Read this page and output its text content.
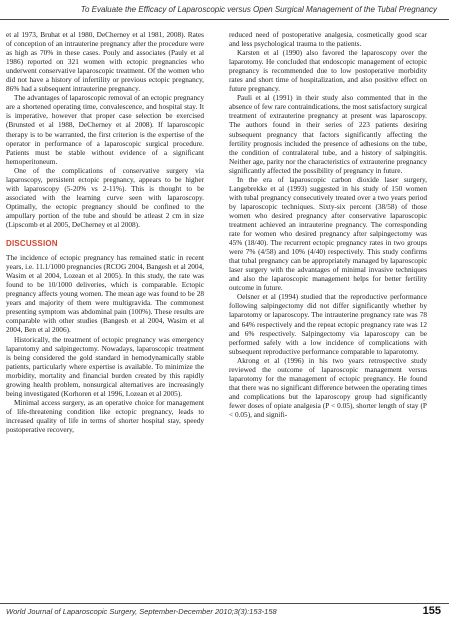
To Evaluate the Efficacy of Laparoscopic versus Open Surgical Management of the Tubal Pregnancy

et al 1973, Bruhat et al 1980, DeCherney et al 1981, 2008). Rates of conception of an intrauterine pregnancy after the procedure were as high as 70% in these cases. Pouly and associates (Pauly et al 1986) reported on 321 women with ectopic pregnancies who underwent conservative laparoscopic treatment. Of the women who did not have a history of infertility or previous ectopic pregnancy, 86% had a subsequent intrauterine pregnancy.

The advantages of laparoscopic removal of an ectopic pregnancy are a shortened operating time, convalescence, and hospital stay. It is imperative, however that proper case selection be exercised (Brunsted et al 1988, DeCherney et al 2008). If laparoscopic therapy is to be warranted, the first criterion is the expertise of the operator in performance of a laparoscopic surgical procedure. Patients must be stable without evidence of a significant hemoperitoneum.

One of the complications of conservative surgery via laparoscopy, persistent ectopic pregnancy, appears to be higher with laparoscopy (5-20% vs 2-11%). This is thought to be associated with the learning curve seen with laparoscopy. Optimally, the ectopic pregnancy should be confined to the ampullary portion of the tube and should be atleast 2 cm in size (Lipscomb et al 2005, DeCherney et al 2008).

DISCUSSION

The incidence of ectopic pregnancy has remained static in recent years, i.e. 11.1/1000 pregnancies (RCOG 2004, Bangesh et al 2004, Wasim et al 2004, Lozean et al 2005). In this study, the rate was found to be 10/1000 deliveries, which is comparable. Ectopic pregnancy affects young women. The mean age was found to be 28 years and majority of them were multigravida. The commonest presenting symptom was abdominal pain (100%). These results are comparable with other studies (Bangesh et al 2004, Wasim et al 2004, Ben et al 2006).

Historically, the treatment of ectopic pregnancy was emergency laparotomy and salpingectomy. Nowadays, laparoscopic treatment is being considered the gold standard in hemodynamically stable patients, particularly where expertise is available. To minimize the morbidity, mortality and financial burden created by this rapidly growing health problem, nonsurgical alternatives are increasingly being investigated (Korhoren et al 1996, Lozean et al 2005).

Minimal access surgery, as an operative choice for management of life-threatening condition like ectopic pregnancy, leads to increased quality of life in terms of shorter hospital stay, speedy postoperative recovery,

reduced need of postoperative analgesia, cosmetically good scar and less psychological trauma to the patients.

Karsten et al (1990) also favored the laparoscopy over the laparotomy. He concluded that endoscopic management of ectopic pregnancy is recommended due to low postoperative morbidity rates and short time of hospitalization, and also positive effect on future pregnancy.

Pauli et al (1991) in their study also commented that in the absence of few rare contraindications, the most satisfactory surgical treatment of extrauterine pregnancy at present was laparoscopy. The authors found in their series of 223 patients desiring subsequent pregnancy that factors significantly affecting the fertility prognosis included the presence of adhesions on the tube, the condition of contralateral tube, and a history of salpingitis. Neither age, parity nor the characteristics of extrauterine pregnancy significantly affected the possibility of pregnancy in future.

In the era of laparoscopic carbon dioxide laser surgery, Langebrekke et al (1993) suggested in his study of 150 women with tubal pregnancy consecutively treated over a two years period by laparoscopic techniques. Sixty-six percent (38/58) of those women who desired pregnancy after conservative laparoscopic treatment achieved an intrauterine pregnancy. The corresponding rate for women who desired pregnancy after salpingectomy was 45% (18/40). The recurrent ectopic pregnancy rates in two groups were 7% (4/58) and 10% (4/40) respectively. This study confirms that tubal pregnancy can be appropriately managed by laparoscopic laser surgery with the advantages of minimal invasive techniques and also the laparoscopic management helps for better fertility outcome in future.

Oelsner et al (1994) studied that the reproductive performance following salpingectomy did not differ significantly whether by laparotomy or laparoscopy. The intrauterine pregnancy rate was 78 and 64% respectively and the repeat ectopic pregnancy rate was 12 and 6% respectively. Salpingectomy via laparoscopy can be performed safely with a low incidence of complications with subsequent reproductive performance comparable to laparotomy.

Akrong et al (1996) in his two years retrospective study reviewed the outcome of laparoscopic management versus laparotomy for the management of ectopic pregnancy. He found that there was no significant difference between the operating times and complications but the laparoscopy group had significantly fewer doses of opiate analgesia (P < 0.05), shorter length of stay (P < 0.05), and signifi-

World Journal of Laparoscopic Surgery, September-December 2010;3(3):153-158	155
